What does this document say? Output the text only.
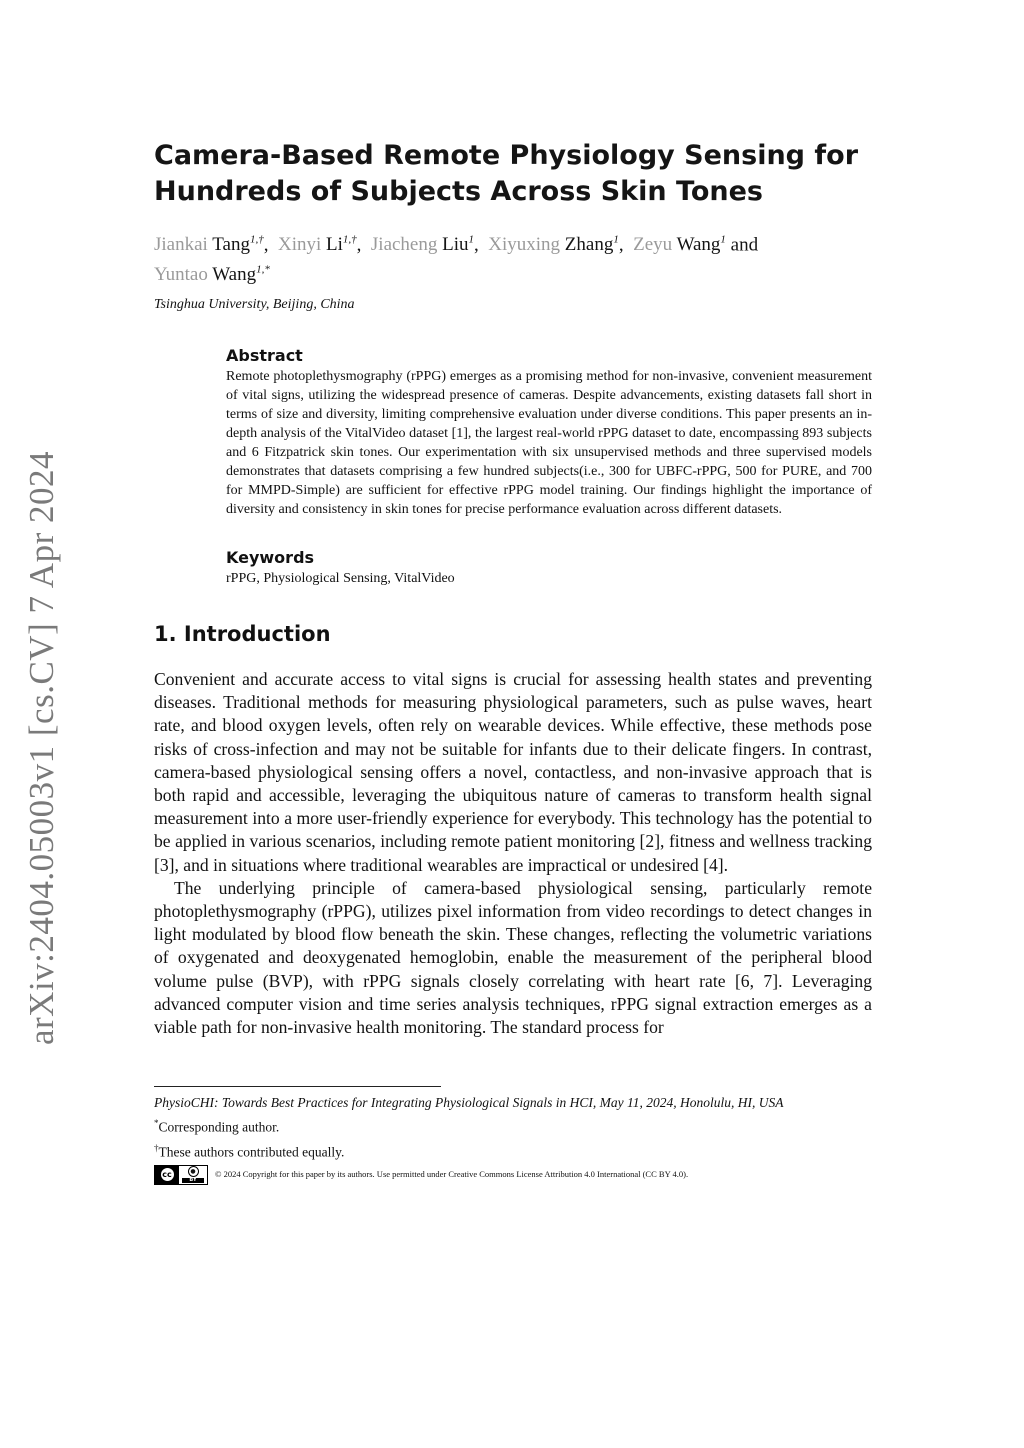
arXiv:2404.05003v1 [cs.CV] 7 Apr 2024
Camera-Based Remote Physiology Sensing for
Hundreds of Subjects Across Skin Tones
Jiankai Tang$^{1,\dagger}$,  Xinyi $Li^{1,\dagger}$,  Jiacheng Liu$^1$,  Xiyuxing Zhang$^1$,  Zeyu Wang$^1$ and
Yuntao Wang$^{1,*}$
Tsinghua University, Beijing, China
Abstract

Remote photoplethysmography (rPPG) emerges as a promising method for non-invasive, convenient measurement of vital signs, utilizing the widespread presence of cameras. Despite advancements, existing datasets fall short in terms of size and diversity, limiting comprehensive evaluation under diverse conditions. This paper presents an in-depth analysis of the VitalVideo dataset [1], the largest real-world rPPG dataset to date, encompassing 893 subjects and 6 Fitzpatrick skin tones. Our experimentation with six unsupervised methods and three supervised models demonstrates that datasets comprising a few hundred subjects(i.e., 300 for UBFC-rPPG, 500 for PURE, and 700 for MMPD-Simple) are sufficient for effective rPPG model training. Our findings highlight the importance of diversity and consistency in skin tones for precise performance evaluation across different datasets.

Keywords

rPPG, Physiological Sensing, VitalVideo

1. Introduction

Convenient and accurate access to vital signs is crucial for assessing health states and preventing diseases. Traditional methods for measuring physiological parameters, such as pulse waves, heart rate, and blood oxygen levels, often rely on wearable devices. While effective, these methods pose risks of cross-infection and may not be suitable for infants due to their delicate fingers. In contrast, camera-based physiological sensing offers a novel, contactless, and non-invasive approach that is both rapid and accessible, leveraging the ubiquitous nature of cameras to transform health signal measurement into a more user-friendly experience for everybody. This technology has the potential to be applied in various scenarios, including remote patient monitoring [2], fitness and wellness tracking [3], and in situations where traditional wearables are impractical or undesired [4].

The underlying principle of camera-based physiological sensing, particularly remote photoplethysmography (rPPG), utilizes pixel information from video recordings to detect changes in light modulated by blood flow beneath the skin. These changes, reflecting the volumetric variations of oxygenated and deoxygenated hemoglobin, enable the measurement of the peripheral blood volume pulse (BVP), with rPPG signals closely correlating with heart rate [6, 7]. Leveraging advanced computer vision and time series analysis techniques, rPPG signal extraction emerges as a viable path for non-invasive health monitoring. The standard process for

PhysioCHI: Towards Best Practices for Integrating Physiological Signals in HCI, May 11, 2024, Honolulu, HI, USA
*Corresponding author.
†These authors contributed equally.
cc	●
BY
© 2024 Copyright for this paper by its authors. Use permitted under Creative Commons License Attribution 4.0 International (CC BY 4.0).
